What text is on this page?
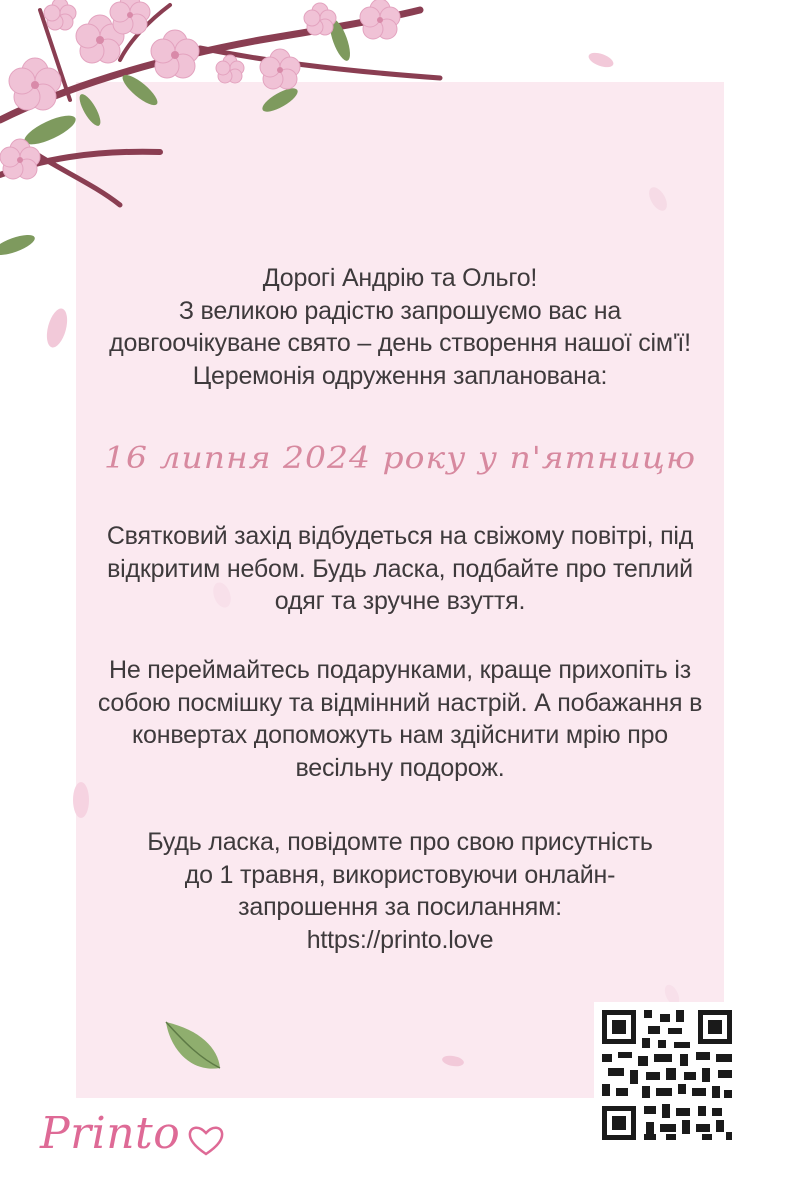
Дорогі Андрію та Ольго!
З великою радістю запрошуємо вас на
довгоочікуване свято – день створення нашої сім'ї!
Церемонія одруження запланована:
16 липня 2024 року у п'ятницю
Святковий захід відбудеться на свіжому повітрі, під
відкритим небом. Будь ласка, подбайте про теплий
одяг та зручне взуття.
Не переймайтесь подарунками, краще прихопіть із
собою посмішку та відмінний настрій. А побажання в
конвертах допоможуть нам здійснити мрію про
весільну подорож.
Будь ласка, повідомте про свою присутність
до 1 травня, використовуючи онлайн-
запрошення за посиланням:
https://printo.love
Printo
